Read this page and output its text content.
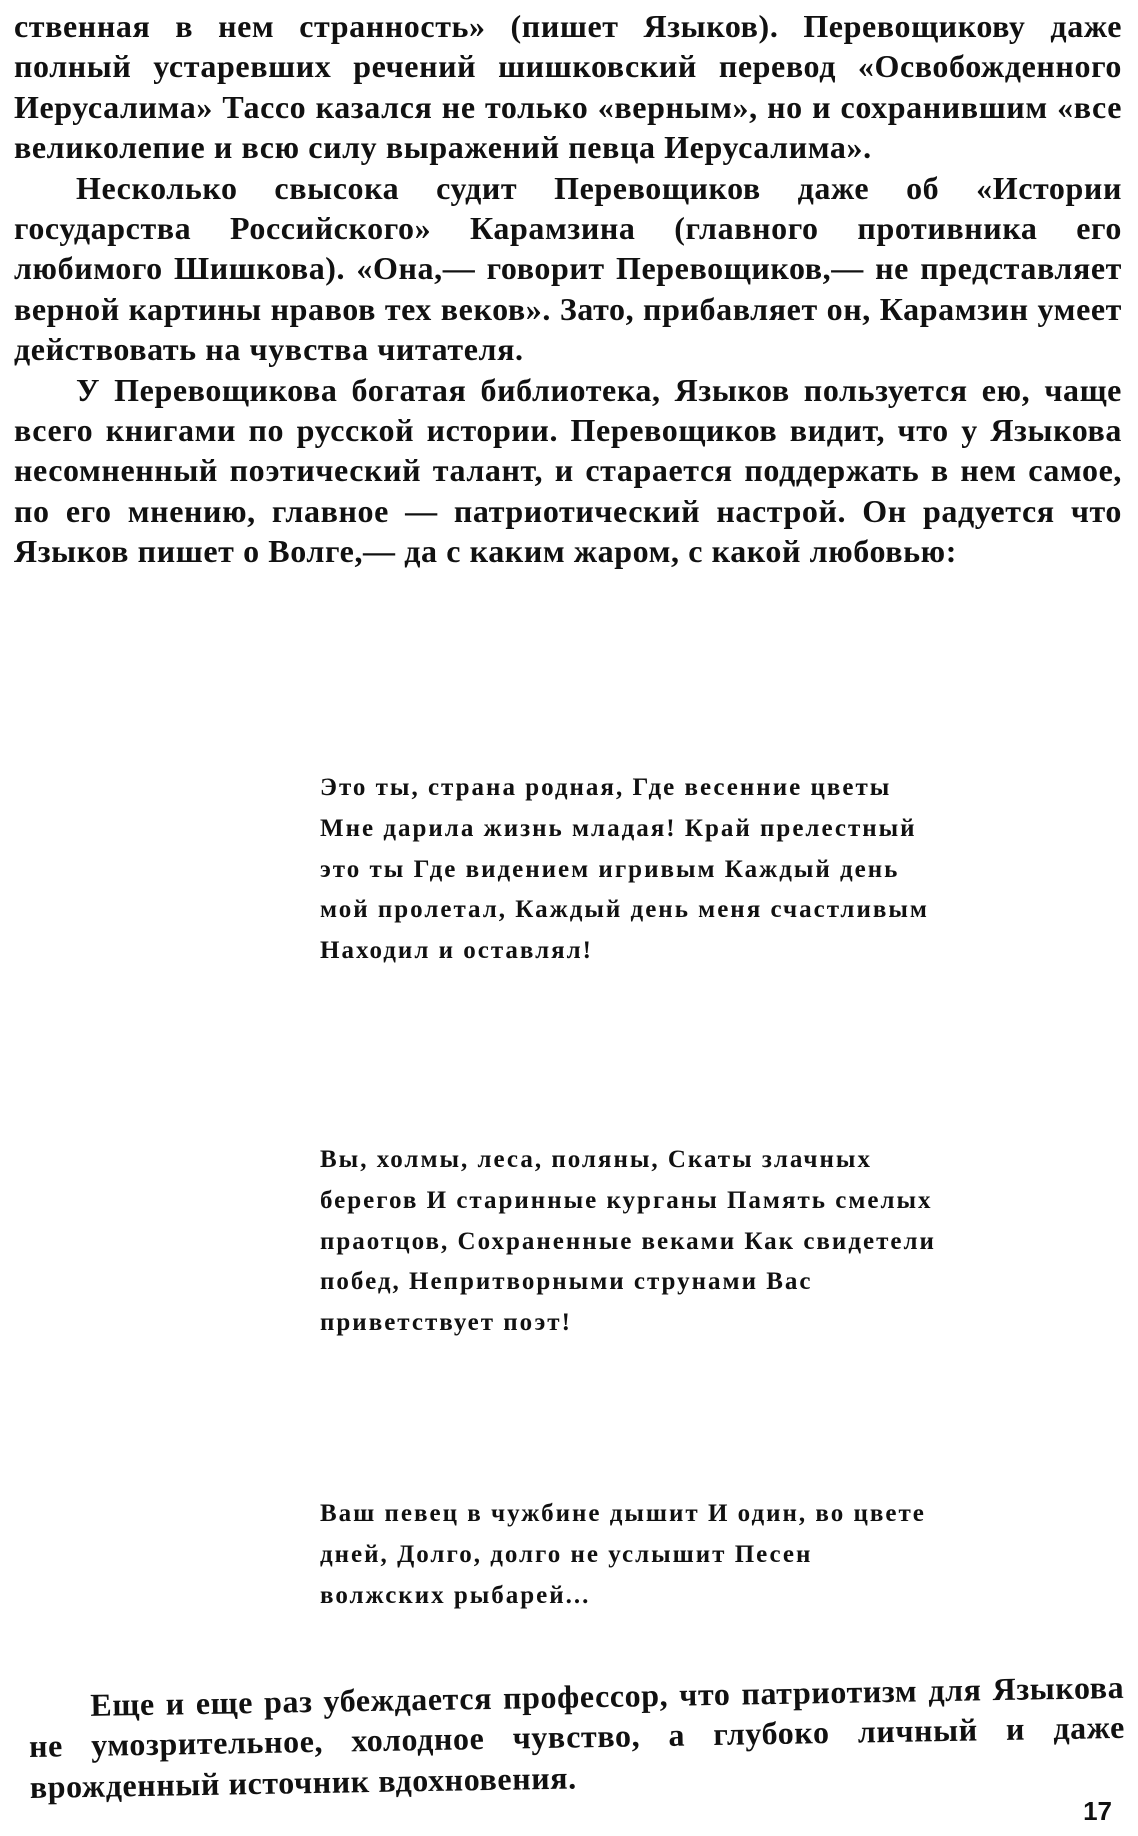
ственная в нем странность» (пишет Языков). Перевощикову даже полный устаревших речений шишковский перевод «Освобожденного Иерусалима» Тассо казался не только «верным», но и сохранившим «все великолепие и всю силу выражений певца Иерусалима».

Несколько свысока судит Перевощиков даже об «Истории государства Российского» Карамзина (главного противника его любимого Шишкова). «Она,— говорит Перевощиков,— не представляет верной картины нравов тех веков». Зато, прибавляет он, Карамзин умеет действовать на чувства читателя.

У Перевощикова богатая библиотека, Языков пользуется ею, чаще всего книгами по русской истории. Перевощиков видит, что у Языкова несомненный поэтический талант, и старается поддержать в нем самое, по его мнению, главное — патриотический настрой. Он радуется что Языков пишет о Волге,— да с каким жаром, с какой любовью:

Это ты, страна родная, Где весенние цветы Мне дарила жизнь младая! Край прелестный это ты Где видением игривым Каждый день мой пролетал, Каждый день меня счастливым Находил и оставлял!
Вы, холмы, леса, поляны, Скаты злачных берегов И старинные курганы Память смелых праотцов, Сохраненные веками Как свидетели побед, Непритворными струнами Вас приветствует поэт!
Ваш певец в чужбине дышит И один, во цвете дней, Долго, долго не услышит Песен волжских рыбарей...

Еще и еще раз убеждается профессор, что патриотизм для Языкова не умозрительное, холодное чувство, а глубоко личный и даже врожденный источник вдохновения.

17
